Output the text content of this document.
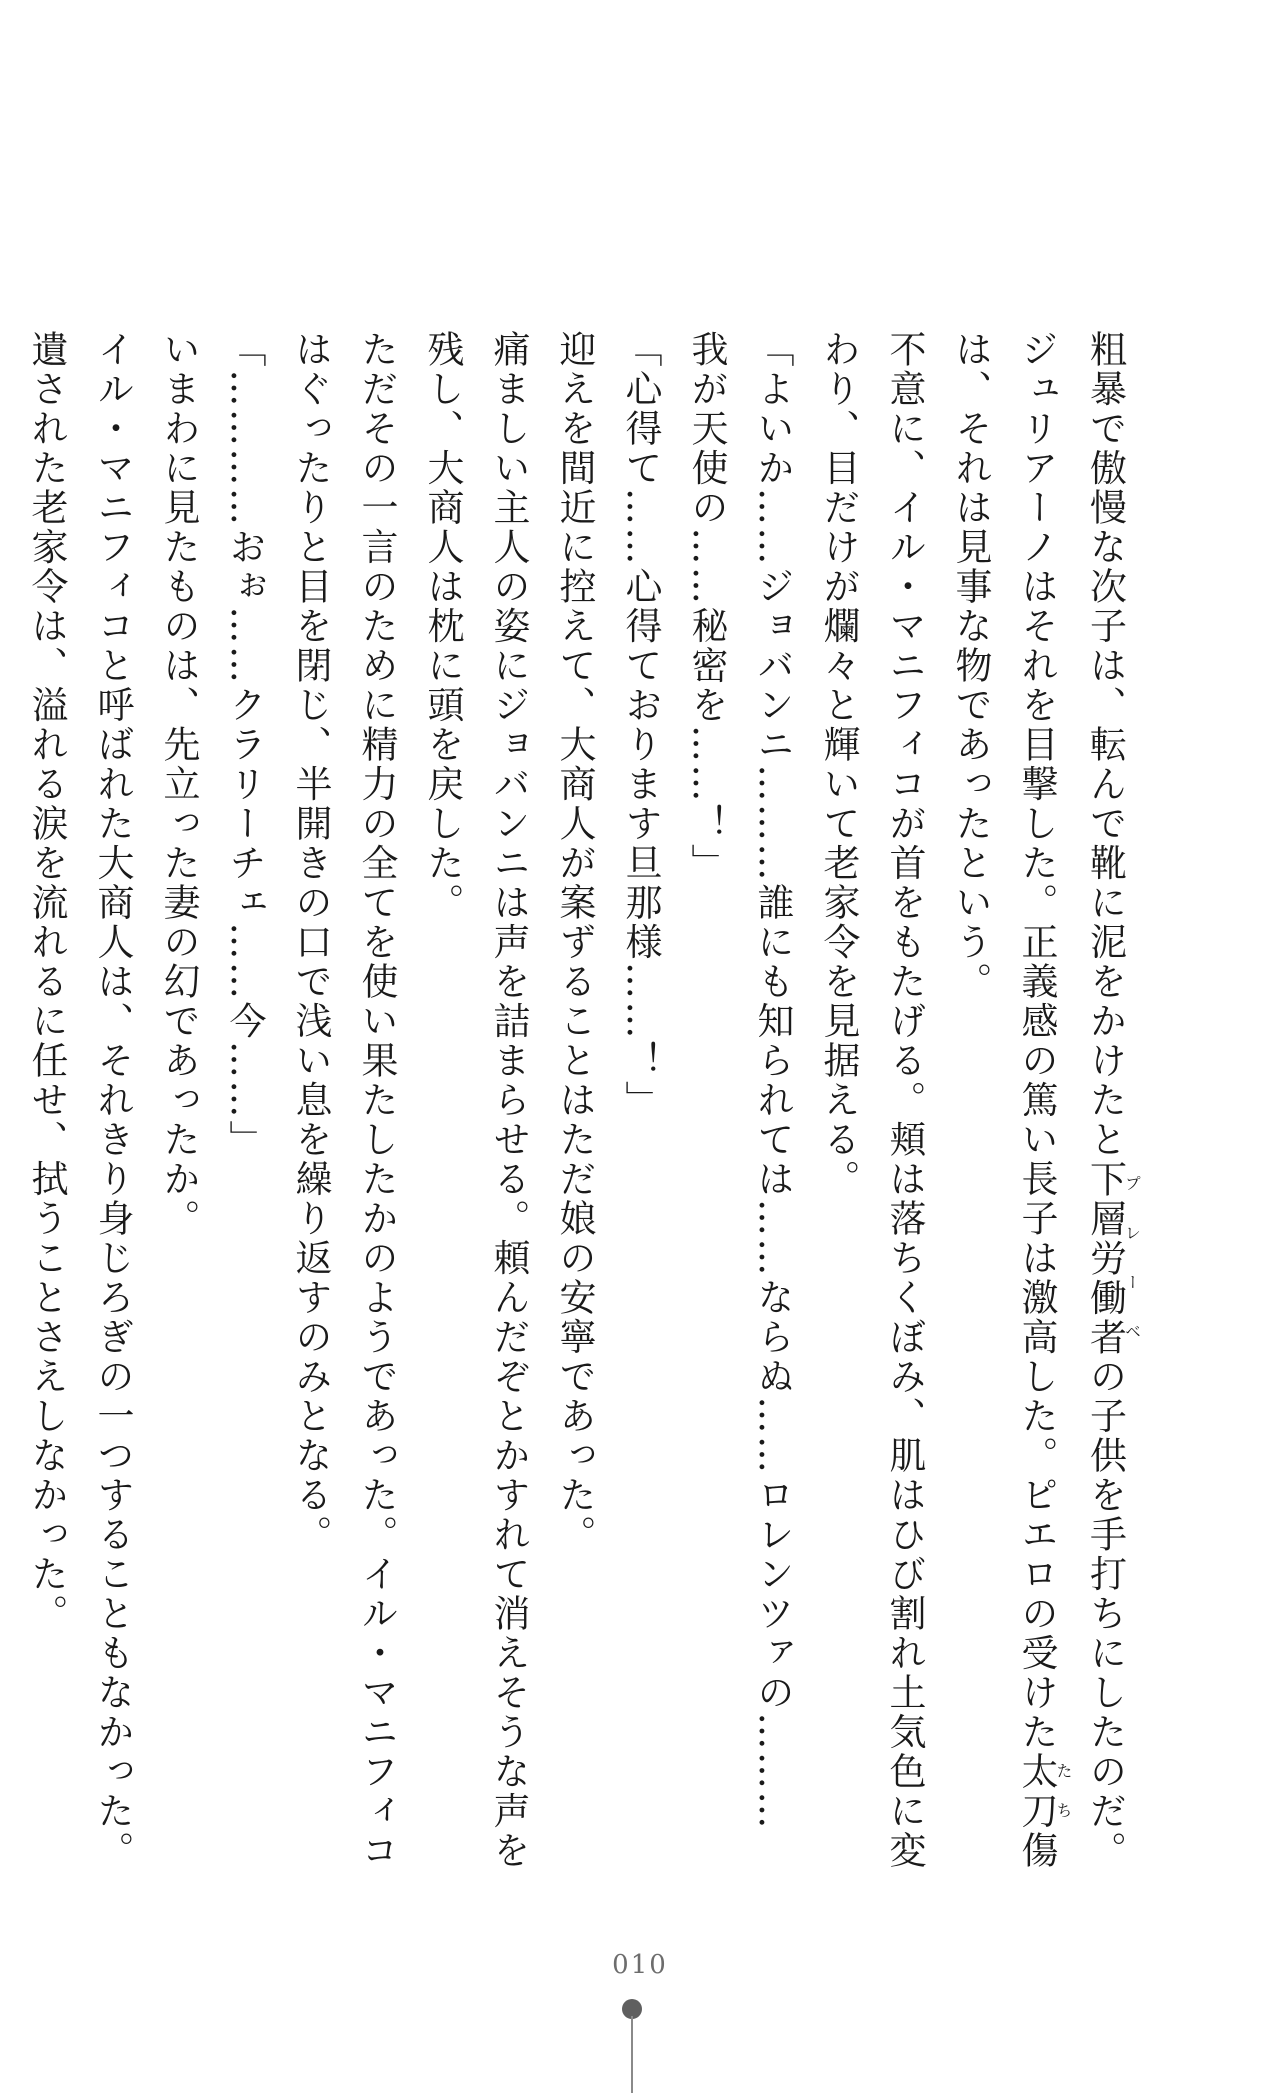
粗暴で傲慢な次子は、転んで靴に泥をかけたと下層労働者プレーベの子供を手打ちにしたのだ。
ジュリアーノはそれを目撃した。正義感の篤い長子は激高した。ピエロの受けた太刀たち傷
は、それは見事な物であったという。
不意に、イル・マニフィコが首をもたげる。頬は落ちくぼみ、肌はひび割れ土気色に変
わり、目だけが爛々と輝いて老家令を見据える。
「よいか……ジョバンニ………誰にも知られては……ならぬ……ロレンツァの………
我が天使の……秘密を……！」
「心得て……心得ております旦那様……！」
迎えを間近に控えて、大商人が案ずることはただ娘の安寧であった。
痛ましい主人の姿にジョバンニは声を詰まらせる。頼んだぞとかすれて消えそうな声を
残し、大商人は枕に頭を戻した。
ただその一言のために精力の全てを使い果たしたかのようであった。イル・マニフィコ
はぐったりと目を閉じ、半開きの口で浅い息を繰り返すのみとなる。
「…………おぉ……クラリーチェ……今……」
いまわに見たものは、先立った妻の幻であったか。
イル・マニフィコと呼ばれた大商人は、それきり身じろぎの一つすることもなかった。
遺された老家令は、溢れる涙を流れるに任せ、拭うことさえしなかった。
010
